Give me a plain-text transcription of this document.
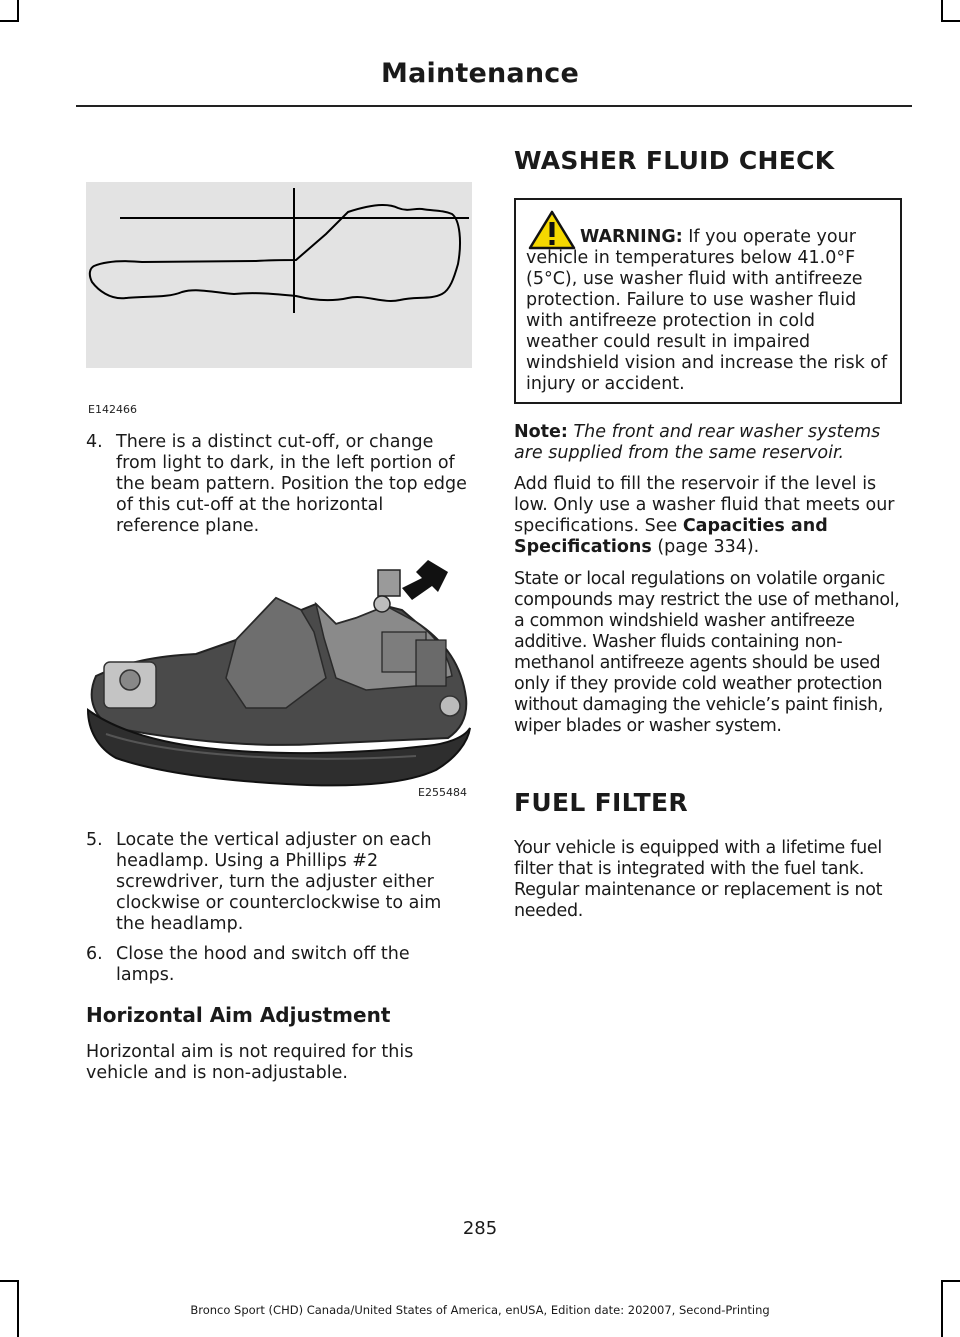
Maintenance
E142466
4. There is a distinct cut-off, or change from light to dark, in the left portion of the beam pattern. Position the top edge of this cut-off at the horizontal reference plane.
E255484
5. Locate the vertical adjuster on each headlamp. Using a Phillips #2 screwdriver, turn the adjuster either clockwise or counterclockwise to aim the headlamp.
6. Close the hood and switch off the lamps.
Horizontal Aim Adjustment

Horizontal aim is not required for this vehicle and is non-adjustable.

WASHER FLUID CHECK
WARNING: If you operate your vehicle in temperatures below 41.0°F (5°C), use washer fluid with antifreeze protection. Failure to use washer fluid with antifreeze protection in cold weather could result in impaired windshield vision and increase the risk of injury or accident.

Note: The front and rear washer systems are supplied from the same reservoir.

Add fluid to fill the reservoir if the level is low. Only use a washer fluid that meets our specifications. See Capacities and Specifications (page 334).

State or local regulations on volatile organic compounds may restrict the use of methanol, a common windshield washer antifreeze additive. Washer fluids containing non-methanol antifreeze agents should be used only if they provide cold weather protection without damaging the vehicle’s paint finish, wiper blades or washer system.

FUEL FILTER

Your vehicle is equipped with a lifetime fuel filter that is integrated with the fuel tank. Regular maintenance or replacement is not needed.

285
Bronco Sport (CHD) Canada/United States of America, enUSA, Edition date: 202007, Second-Printing
